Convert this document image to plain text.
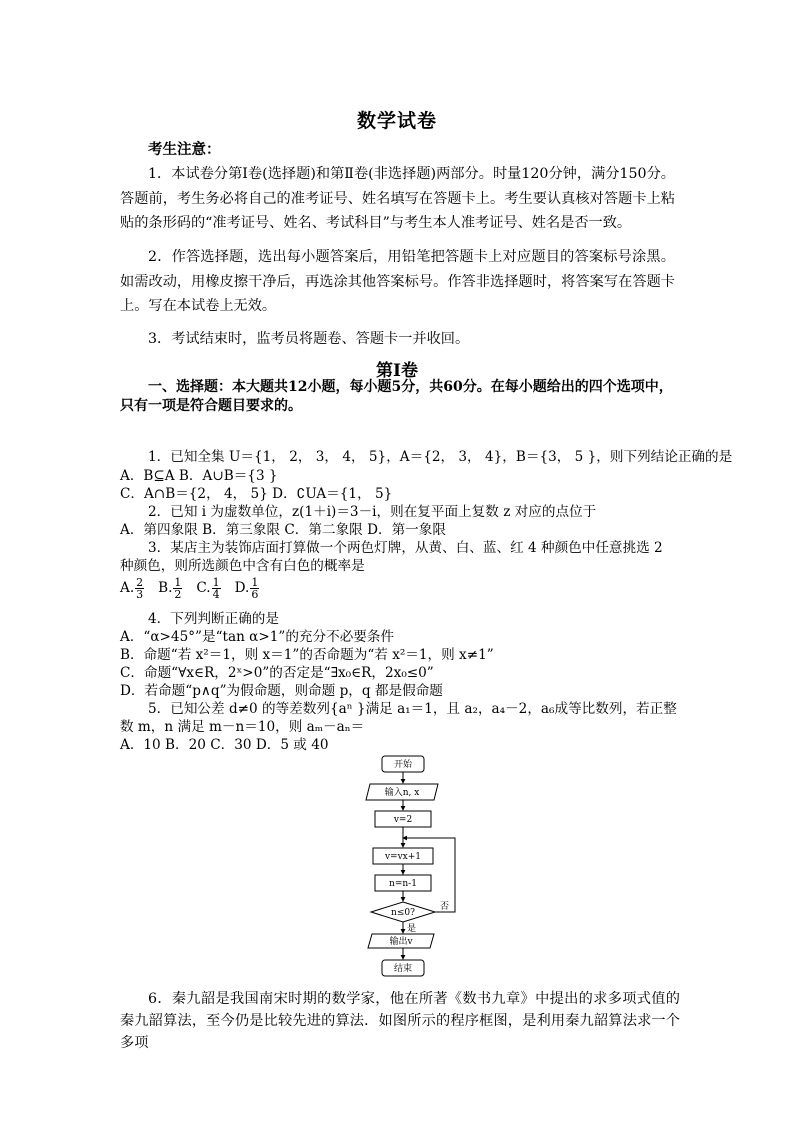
数学试卷
考生注意：
1．本试卷分第Ⅰ卷(选择题)和第Ⅱ卷(非选择题)两部分。时量120分钟，满分150分。答题前，考生务必将自己的准考证号、姓名填写在答题卡上。考生要认真核对答题卡上粘贴的条形码的“准考证号、姓名、考试科目”与考生本人准考证号、姓名是否一致。
2．作答选择题，选出每小题答案后，用铅笔把答题卡上对应题目的答案标号涂黑。如需改动，用橡皮擦干净后，再选涂其他答案标号。作答非选择题时，将答案写在答题卡上。写在本试卷上无效。
3．考试结束时，监考员将题卷、答题卡一并收回。
第Ⅰ卷
一、选择题：本大题共12小题，每小题5分，共60分。在每小题给出的四个选项中，只有一项是符合题目要求的。
1．已知全集 U＝{1， 2， 3， 4， 5}，A＝{2， 3， 4}，B＝{3， 5 }，则下列结论正确的是
A．B⊆A B．A∪B＝{3 }
C．A∩B＝{2， 4， 5} D．∁UA＝{1， 5}
2．已知 i 为虚数单位，z(1＋i)＝3－i，则在复平面上复数 z 对应的点位于
A．第四象限 B．第三象限 C．第二象限 D．第一象限
3．某店主为装饰店面打算做一个两色灯牌，从黄、白、蓝、红 4 种颜色中任意挑选 2
种颜色，则所选颜色中含有白色的概率是
A. $\frac{2}{3} B$. $\frac{1}{2} C$. $\frac{1}{4} D$. $\frac{1}{6}$
4．下列判断正确的是
A．“α>45°”是“tan α>1”的充分不必要条件
B．命题“若 x²＝1，则 x＝1”的否命题为“若 x²＝1，则 x≠1”
C．命题“∀x∈R，2ˣ>0”的否定是“∃x₀∈R，2x₀≤0”
D．若命题“p∧q”为假命题，则命题 p，q 都是假命题
5．已知公差 d≠0 的等差数列{aⁿ }满足 a₁＝1，且 a₂，a₄－2，a₆成等比数列，若正整
数 m，n 满足 m－n＝10，则 aₘ－aₙ＝
A．10 B．20 C．30 D．5 或 40
开始
输入n, x
v=2
v=vx+1
n=n-1
n≤0?
否
是
输出v
结束
6．秦九韶是我国南宋时期的数学家，他在所著《数书九章》中提出的求多项式值的秦九韶算法，至今仍是比较先进的算法．如图所示的程序框图，是利用秦九韶算法求一个多项
